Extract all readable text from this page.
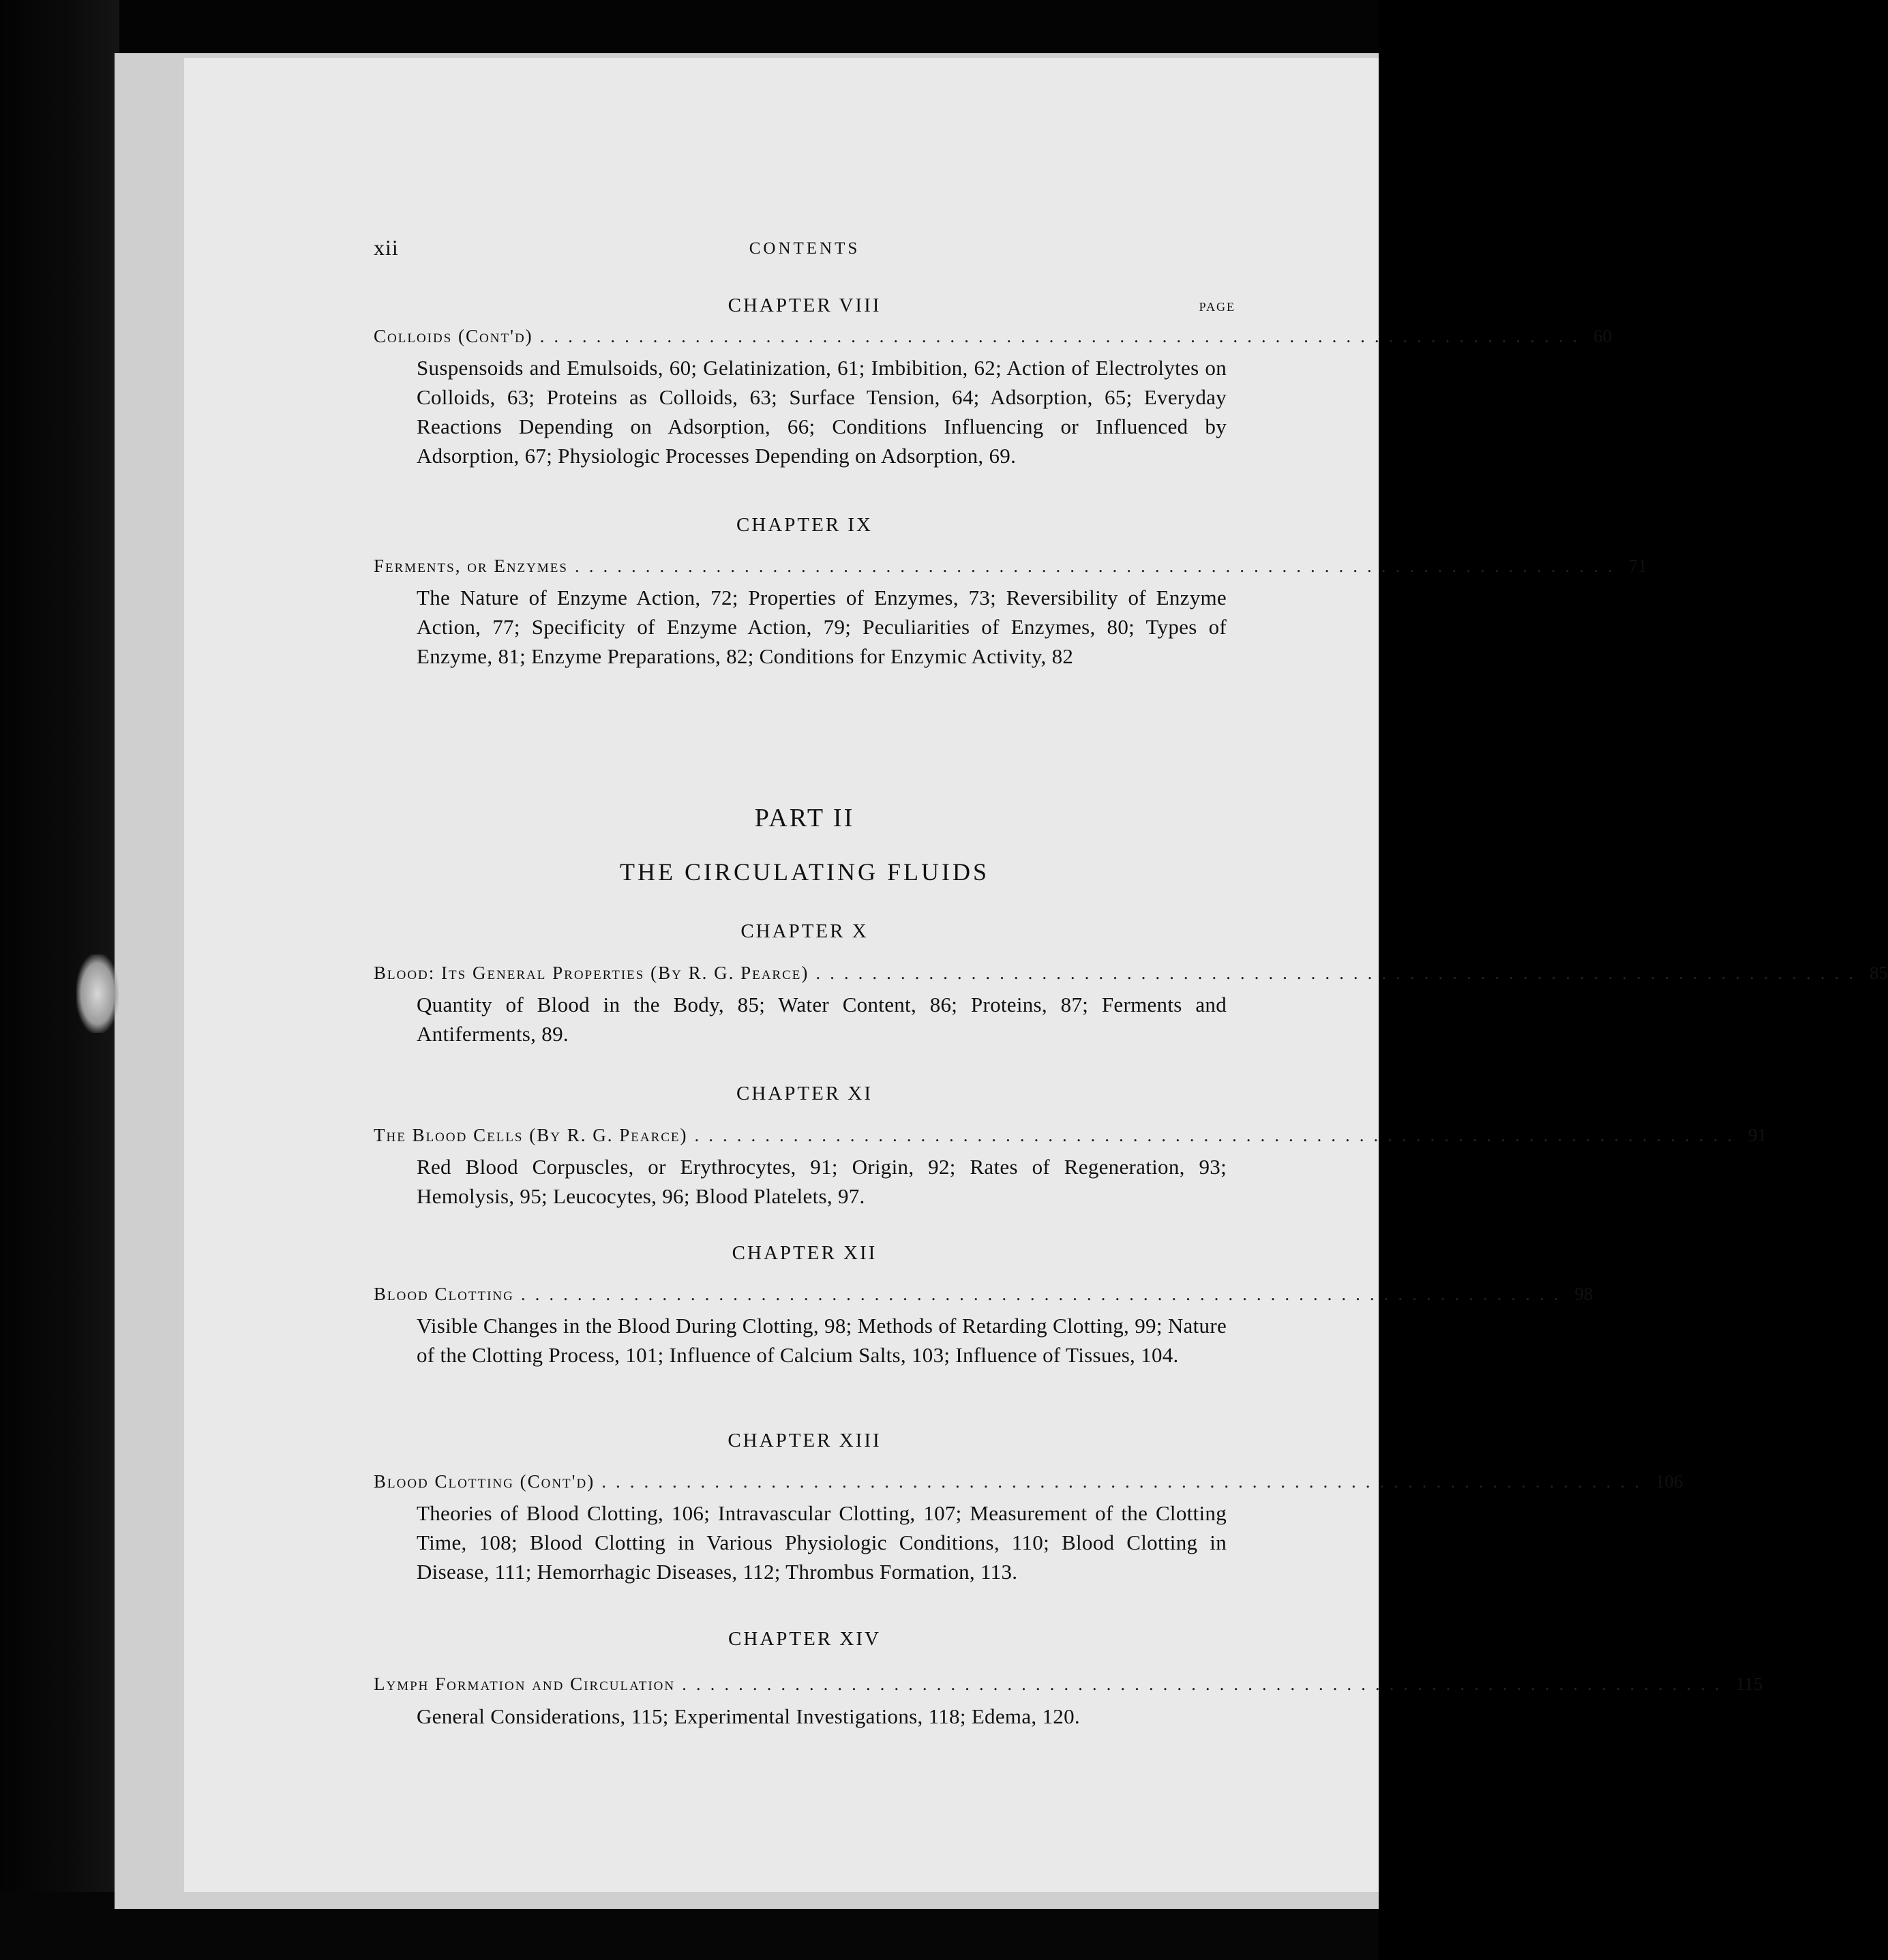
xii	CONTENTS
CHAPTER VIII	PAGE
Colloids (Cont'd) .......................................................................... 60
Suspensoids and Emulsoids, 60; Gelatinization, 61; Imbibition, 62; Action of Electrolytes on Colloids, 63; Proteins as Colloids, 63; Surface Tension, 64; Adsorption, 65; Everyday Reactions Depending on Adsorption, 66; Conditions Influencing or Influenced by Adsorption, 67; Physiologic Processes Depending on Adsorption, 69.
CHAPTER IX
Ferments, or Enzymes .......................................................................... 71
The Nature of Enzyme Action, 72; Properties of Enzymes, 73; Reversibility of Enzyme Action, 77; Specificity of Enzyme Action, 79; Peculiarities of Enzymes, 80; Types of Enzyme, 81; Enzyme Preparations, 82; Conditions for Enzymic Activity, 82
PART II
THE CIRCULATING FLUIDS
CHAPTER X
Blood: Its General Properties (By R. G. Pearce) .......................................................................... 85
Quantity of Blood in the Body, 85; Water Content, 86; Proteins, 87; Ferments and Antiferments, 89.
CHAPTER XI
The Blood Cells (By R. G. Pearce) .......................................................................... 91
Red Blood Corpuscles, or Erythrocytes, 91; Origin, 92; Rates of Regeneration, 93; Hemolysis, 95; Leucocytes, 96; Blood Platelets, 97.
CHAPTER XII
Blood Clotting .......................................................................... 98
Visible Changes in the Blood During Clotting, 98; Methods of Retarding Clotting, 99; Nature of the Clotting Process, 101; Influence of Calcium Salts, 103; Influence of Tissues, 104.
CHAPTER XIII
Blood Clotting (Cont'd) .......................................................................... 106
Theories of Blood Clotting, 106; Intravascular Clotting, 107; Measurement of the Clotting Time, 108; Blood Clotting in Various Physiologic Conditions, 110; Blood Clotting in Disease, 111; Hemorrhagic Diseases, 112; Thrombus Formation, 113.
CHAPTER XIV
Lymph Formation and Circulation .......................................................................... 115
General Considerations, 115; Experimental Investigations, 118; Edema, 120.
